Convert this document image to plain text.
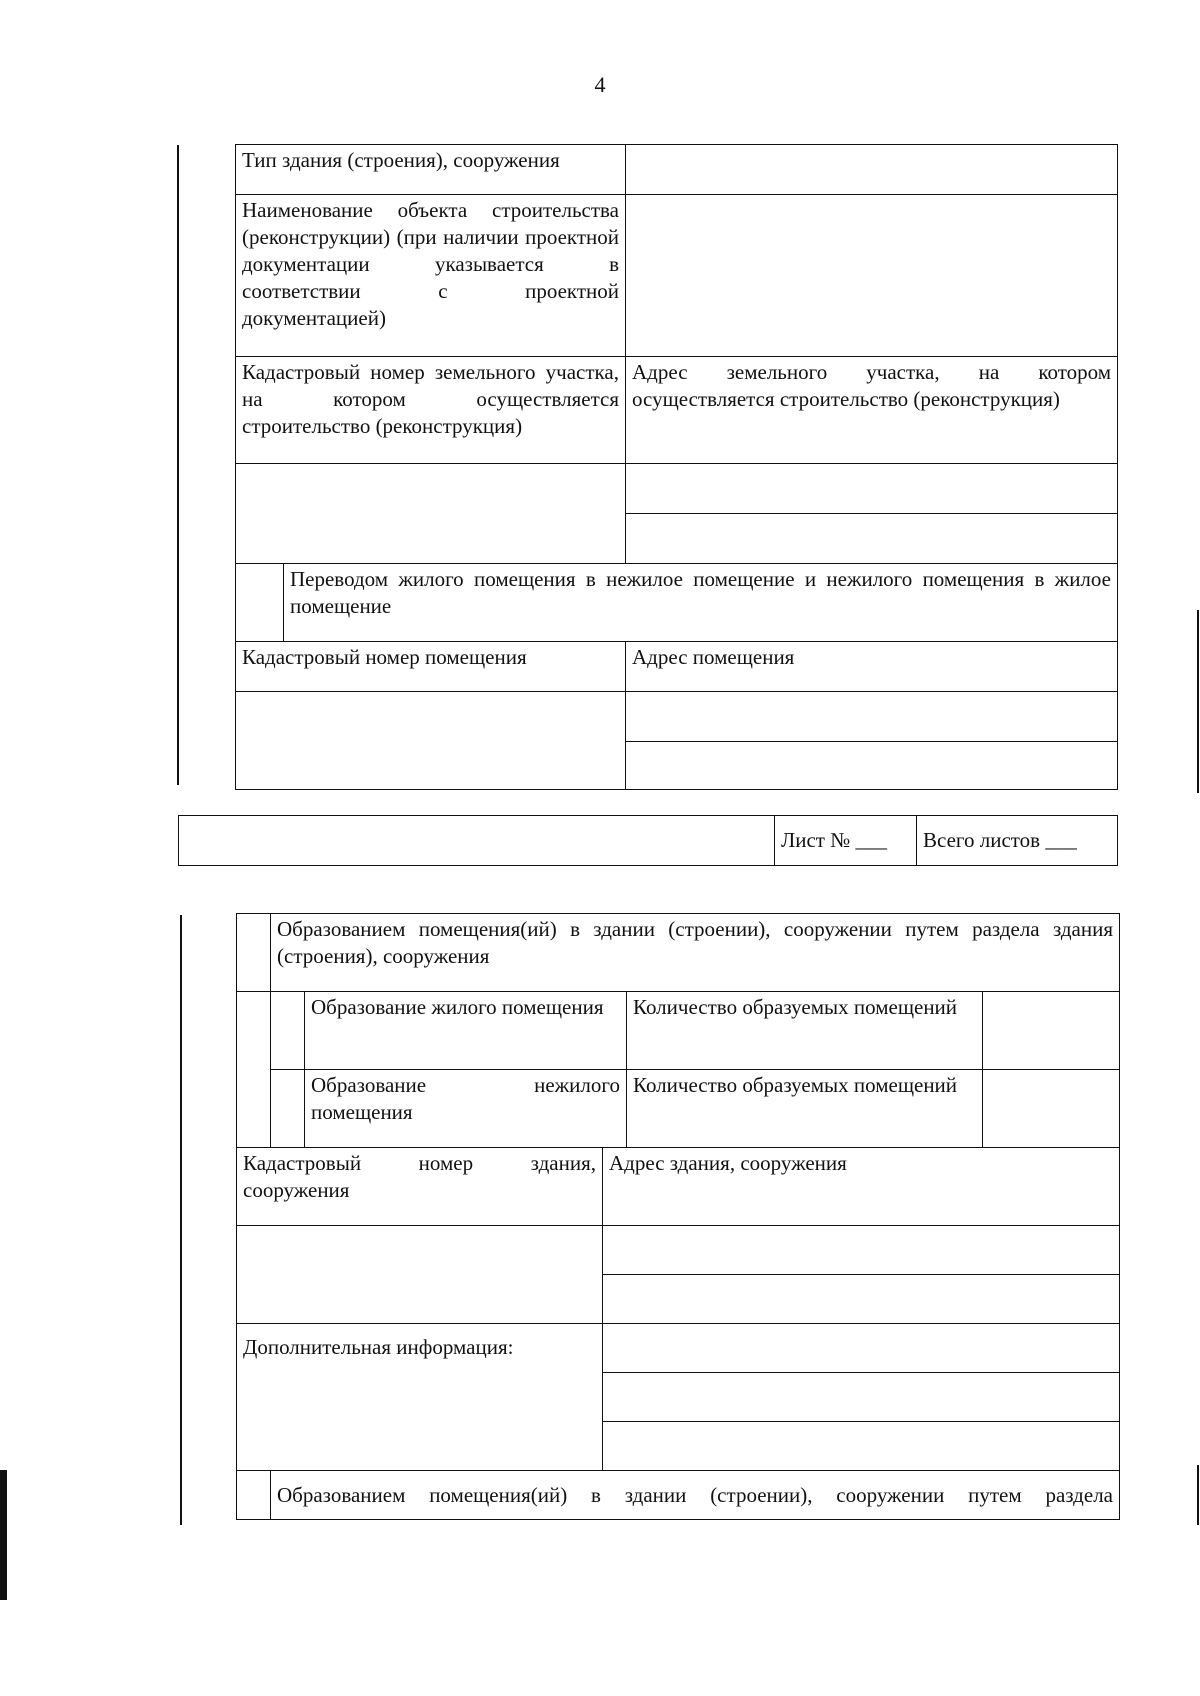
4
Тип здания (строения), сооружения		
Наименование объекта строительства (реконструкции) (при наличии проектной документации указывается в соответствии с проектной документацией)		
Кадастровый номер земельного участка, на котором осуществляется строительство (реконструкция)		Адрес земельного участка, на котором осуществляется строительство (реконструкция)

	Переводом жилого помещения в нежилое помещение и нежилого помещения в жилое помещение	
Кадастровый номер помещения		Адрес помещения

	Лист № ___	Всего листов ___
	Образованием помещения(ий) в здании (строении), сооружении путем раздела здания (строения), сооружения				
		Образование жилого помещения		Количество образуемых помещений	
		Образование нежилого помещения		Количество образуемых помещений	
Кадастровый номер здания, сооружения			Адрес здания, сооружения		

Дополнительная информация:					

	Образованием помещения(ий) в здании (строении), сооружении путем раздела				
